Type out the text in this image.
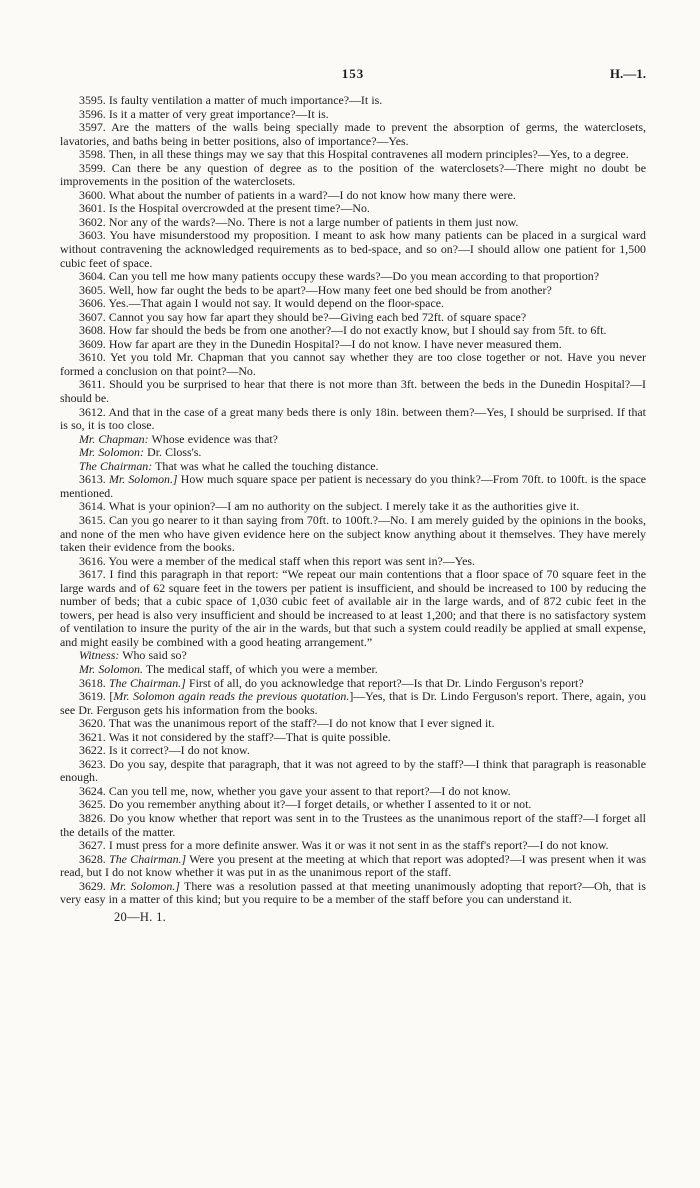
153	H.—1.

3595. Is faulty ventilation a matter of much importance?—It is.

3596. Is it a matter of very great importance?—It is.

3597. Are the matters of the walls being specially made to prevent the absorption of germs, the waterclosets, lavatories, and baths being in better positions, also of importance?—Yes.

3598. Then, in all these things may we say that this Hospital contravenes all modern principles?—Yes, to a degree.

3599. Can there be any question of degree as to the position of the waterclosets?—There might no doubt be improvements in the position of the waterclosets.

3600. What about the number of patients in a ward?—I do not know how many there were.

3601. Is the Hospital overcrowded at the present time?—No.

3602. Nor any of the wards?—No. There is not a large number of patients in them just now.

3603. You have misunderstood my proposition. I meant to ask how many patients can be placed in a surgical ward without contravening the acknowledged requirements as to bed-space, and so on?—I should allow one patient for 1,500 cubic feet of space.

3604. Can you tell me how many patients occupy these wards?—Do you mean according to that proportion?

3605. Well, how far ought the beds to be apart?—How many feet one bed should be from another?

3606. Yes.—That again I would not say. It would depend on the floor-space.

3607. Cannot you say how far apart they should be?—Giving each bed 72ft. of square space?

3608. How far should the beds be from one another?—I do not exactly know, but I should say from 5ft. to 6ft.

3609. How far apart are they in the Dunedin Hospital?—I do not know. I have never measured them.

3610. Yet you told Mr. Chapman that you cannot say whether they are too close together or not. Have you never formed a conclusion on that point?—No.

3611. Should you be surprised to hear that there is not more than 3ft. between the beds in the Dunedin Hospital?—I should be.

3612. And that in the case of a great many beds there is only 18in. between them?—Yes, I should be surprised. If that is so, it is too close.

Mr. Chapman: Whose evidence was that?

Mr. Solomon: Dr. Closs's.

The Chairman: That was what he called the touching distance.

3613. Mr. Solomon.] How much square space per patient is necessary do you think?—From 70ft. to 100ft. is the space mentioned.

3614. What is your opinion?—I am no authority on the subject. I merely take it as the authorities give it.

3615. Can you go nearer to it than saying from 70ft. to 100ft.?—No. I am merely guided by the opinions in the books, and none of the men who have given evidence here on the subject know anything about it themselves. They have merely taken their evidence from the books.

3616. You were a member of the medical staff when this report was sent in?—Yes.

3617. I find this paragraph in that report: “We repeat our main contentions that a floor space of 70 square feet in the large wards and of 62 square feet in the towers per patient is insufficient, and should be increased to 100 by reducing the number of beds; that a cubic space of 1,030 cubic feet of available air in the large wards, and of 872 cubic feet in the towers, per head is also very insufficient and should be increased to at least 1,200; and that there is no satisfactory system of ventilation to insure the purity of the air in the wards, but that such a system could readily be applied at small expense, and might easily be combined with a good heating arrangement.”

Witness: Who said so?

Mr. Solomon. The medical staff, of which you were a member.

3618. The Chairman.] First of all, do you acknowledge that report?—Is that Dr. Lindo Ferguson's report?

3619. [Mr. Solomon again reads the previous quotation.]—Yes, that is Dr. Lindo Ferguson's report. There, again, you see Dr. Ferguson gets his information from the books.

3620. That was the unanimous report of the staff?—I do not know that I ever signed it.

3621. Was it not considered by the staff?—That is quite possible.

3622. Is it correct?—I do not know.

3623. Do you say, despite that paragraph, that it was not agreed to by the staff?—I think that paragraph is reasonable enough.

3624. Can you tell me, now, whether you gave your assent to that report?—I do not know.

3625. Do you remember anything about it?—I forget details, or whether I assented to it or not.

3826. Do you know whether that report was sent in to the Trustees as the unanimous report of the staff?—I forget all the details of the matter.

3627. I must press for a more definite answer. Was it or was it not sent in as the staff's report?—I do not know.

3628. The Chairman.] Were you present at the meeting at which that report was adopted?—I was present when it was read, but I do not know whether it was put in as the unanimous report of the staff.

3629. Mr. Solomon.] There was a resolution passed at that meeting unanimously adopting that report?—Oh, that is very easy in a matter of this kind; but you require to be a member of the staff before you can understand it.

20—H. 1.
